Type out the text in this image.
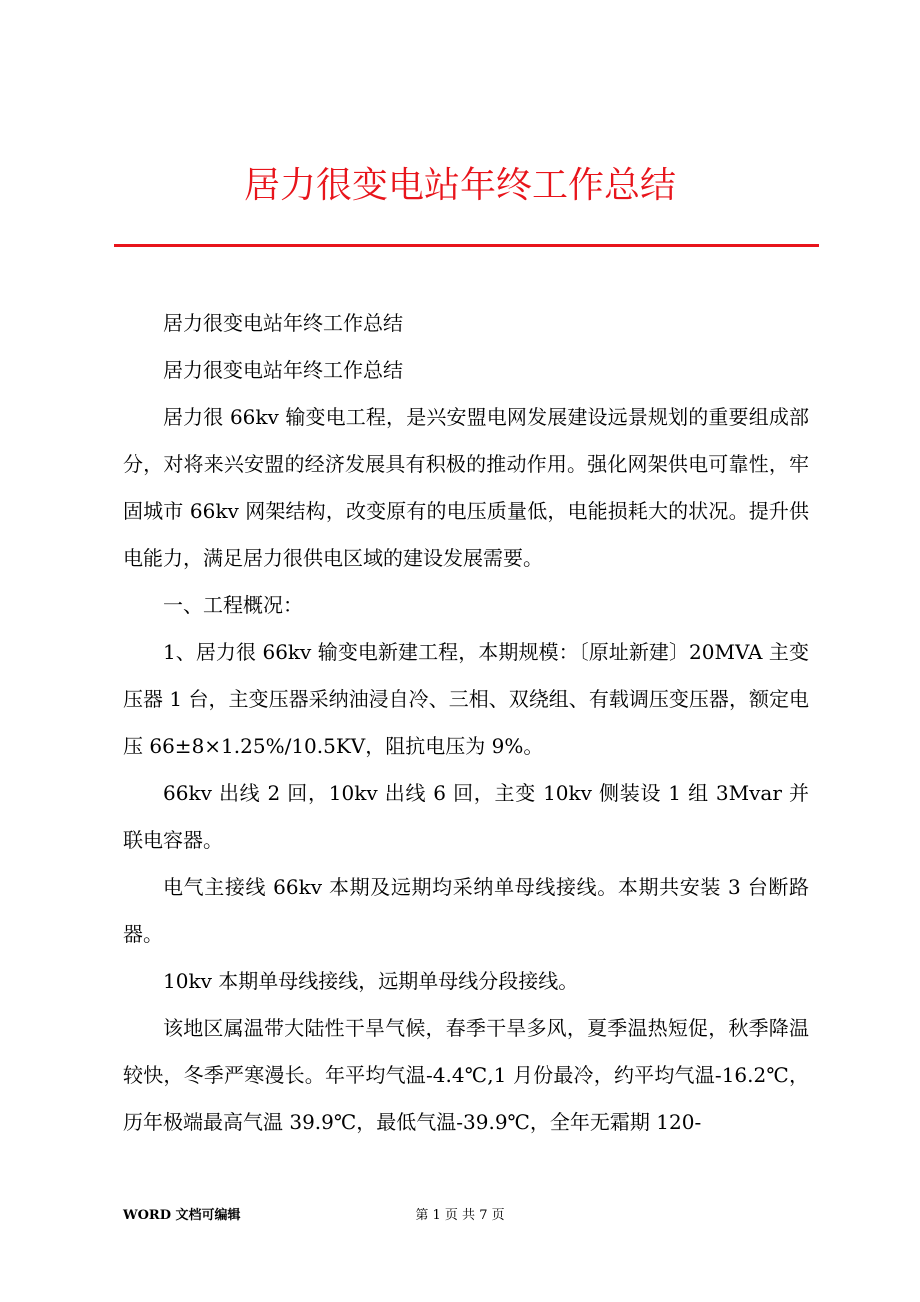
居力很变电站年终工作总结

居力很变电站年终工作总结

居力很变电站年终工作总结

居力很 66kv 输变电工程，是兴安盟电网发展建设远景规划的重要组成部分，对将来兴安盟的经济发展具有积极的推动作用。强化网架供电可靠性，牢固城市 66kv 网架结构，改变原有的电压质量低，电能损耗大的状况。提升供电能力，满足居力很供电区域的建设发展需要。

一、工程概况：

1、居力很 66kv 输变电新建工程，本期规模：〔原址新建〕20MVA 主变压器 1 台，主变压器采纳油浸自冷、三相、双绕组、有载调压变压器，额定电压 66±8×1.25%/10.5KV，阻抗电压为 9%。

66kv 出线 2 回，10kv 出线 6 回，主变 10kv 侧装设 1 组 3Mvar 并联电容器。

电气主接线 66kv 本期及远期均采纳单母线接线。本期共安装 3 台断路器。

10kv 本期单母线接线，远期单母线分段接线。

该地区属温带大陆性干旱气候，春季干旱多风，夏季温热短促，秋季降温较快，冬季严寒漫长。年平均气温-4.4℃,1 月份最冷，约平均气温-16.2℃，历年极端最高气温 39.9℃，最低气温-39.9℃，全年无霜期 120-

WORD 文档可编辑	第 1 页 共 7 页
